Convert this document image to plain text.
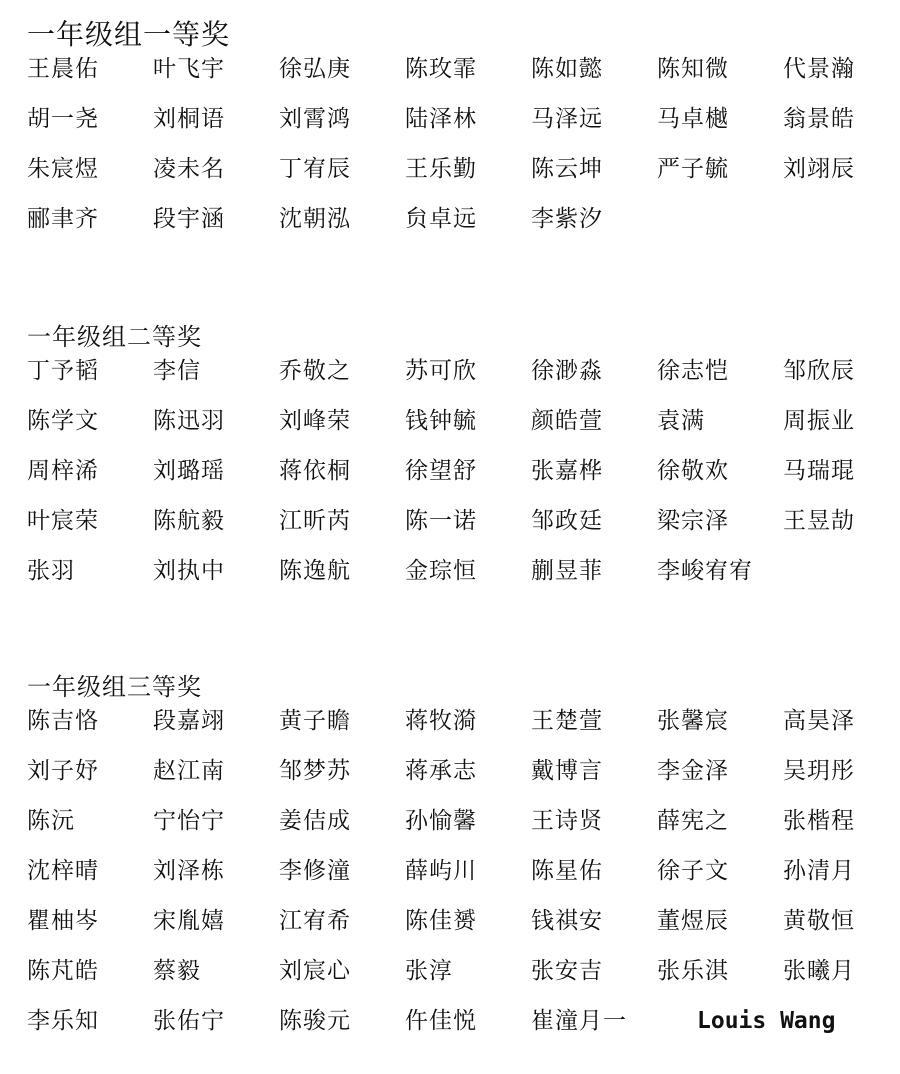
一年级组一等奖
王晨佑 叶飞宇 徐弘庚 陈玫霏 陈如懿 陈知微 代景瀚
胡一尧 刘桐语 刘霄鸿 陆泽林 马泽远 马卓樾 翁景皓
朱宸煜 凌未名 丁宥辰 王乐勤 陈云坤 严子毓 刘翊辰
郦聿齐 段宇涵 沈朝泓 贠卓远 李紫汐
一年级组二等奖
丁予韬 李信	乔敬之 苏可欣 徐渺淼 徐志恺 邹欣辰
陈学文 陈迅羽 刘峰荣 钱钟毓 颜皓萱 袁满	周振业
周梓浠 刘璐瑶 蒋依桐 徐望舒 张嘉桦 徐敬欢 马瑞琨
叶宸荣 陈航毅 江昕芮 陈一诺 邹政廷 梁宗泽 王昱劼
张羽	刘执中 陈逸航 金琮恒 蒯昱菲 李峻宥宥
一年级组三等奖
陈吉恪 段嘉翊 黄子瞻 蒋牧漪 王楚萱 张馨宸 高昊泽
刘子妤 赵江南 邹梦苏 蒋承志 戴博言 李金泽 吴玥彤
陈沅	宁怡宁 姜佶成 孙愉馨 王诗贤 薛宪之 张楷程
沈梓晴 刘泽栋 李修潼 薛屿川 陈星佑 徐子文 孙清月
瞿柚岑 宋胤嬉 江宥希 陈佳赟 钱祺安 董煜辰 黄敬恒
陈芃皓 蔡毅	刘宸心 张淳	张安吉 张乐淇 张曦月
李乐知 张佑宁 陈骏元 仵佳悦 崔潼月一	Louis Wang
